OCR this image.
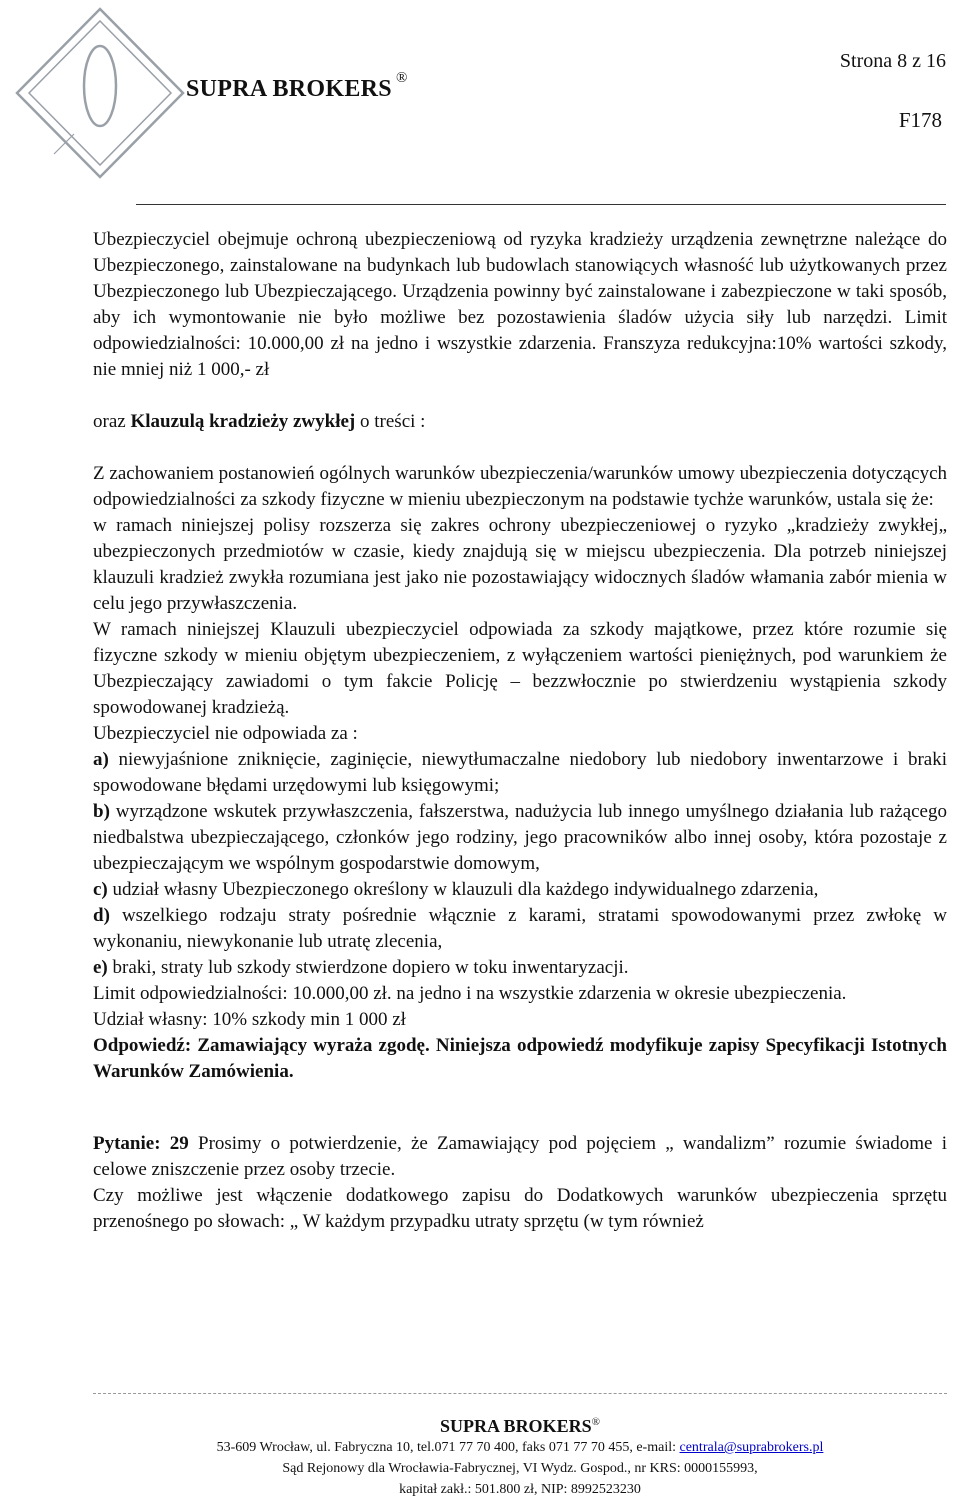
SUPRA BROKERS ®
Strona 8 z 16
F178

Ubezpieczyciel obejmuje ochroną ubezpieczeniową od ryzyka kradzieży urządzenia zewnętrzne należące do Ubezpieczonego, zainstalowane na budynkach lub budowlach stanowiących własność lub użytkowanych przez Ubezpieczonego lub Ubezpieczającego. Urządzenia powinny być zainstalowane i zabezpieczone w taki sposób, aby ich wymontowanie nie było możliwe bez pozostawienia śladów użycia siły lub narzędzi. Limit odpowiedzialności: 10.000,00 zł na jedno i wszystkie zdarzenia. Franszyza redukcyjna:10% wartości szkody, nie mniej niż 1 000,- zł

oraz Klauzulą kradzieży zwykłej o treści :

Z zachowaniem postanowień ogólnych warunków ubezpieczenia/warunków umowy ubezpieczenia dotyczących odpowiedzialności za szkody fizyczne w mieniu ubezpieczonym na podstawie tychże warunków, ustala się że:

w ramach niniejszej polisy rozszerza się zakres ochrony ubezpieczeniowej o ryzyko „kradzieży zwykłej„ ubezpieczonych przedmiotów w czasie, kiedy znajdują się w miejscu ubezpieczenia. Dla potrzeb niniejszej klauzuli kradzież zwykła rozumiana jest jako nie pozostawiający widocznych śladów włamania zabór mienia w celu jego przywłaszczenia.

W ramach niniejszej Klauzuli ubezpieczyciel odpowiada za szkody majątkowe, przez które rozumie się fizyczne szkody w mieniu objętym ubezpieczeniem, z wyłączeniem wartości pieniężnych, pod warunkiem że Ubezpieczający zawiadomi o tym fakcie Policję – bezzwłocznie po stwierdzeniu wystąpienia szkody spowodowanej kradzieżą.

Ubezpieczyciel nie odpowiada za :

a) niewyjaśnione zniknięcie, zaginięcie, niewytłumaczalne niedobory lub niedobory inwentarzowe i braki spowodowane błędami urzędowymi lub księgowymi;

b) wyrządzone wskutek przywłaszczenia, fałszerstwa, nadużycia lub innego umyślnego działania lub rażącego niedbalstwa ubezpieczającego, członków jego rodziny, jego pracowników albo innej osoby, która pozostaje z ubezpieczającym we wspólnym gospodarstwie domowym,

c) udział własny Ubezpieczonego określony w klauzuli dla każdego indywidualnego zdarzenia,

d) wszelkiego rodzaju straty pośrednie włącznie z karami, stratami spowodowanymi przez zwłokę w wykonaniu, niewykonanie lub utratę zlecenia,

e) braki, straty lub szkody stwierdzone dopiero w toku inwentaryzacji.

Limit odpowiedzialności: 10.000,00 zł. na jedno i na wszystkie zdarzenia w okresie ubezpieczenia.

Udział własny: 10% szkody min 1 000 zł

Odpowiedź: Zamawiający wyraża zgodę. Niniejsza odpowiedź modyfikuje zapisy Specyfikacji Istotnych Warunków Zamówienia.

Pytanie: 29 Prosimy o potwierdzenie, że Zamawiający pod pojęciem „ wandalizm” rozumie świadome i celowe zniszczenie przez osoby trzecie.

Czy możliwe jest włączenie dodatkowego zapisu do Dodatkowych warunków ubezpieczenia sprzętu przenośnego po słowach: „ W każdym przypadku utraty sprzętu (w tym również

SUPRA BROKERS®
53-609 Wrocław, ul. Fabryczna 10, tel.071 77 70 400, faks 071 77 70 455, e-mail: centrala@suprabrokers.pl
Sąd Rejonowy dla Wrocławia-Fabrycznej, VI Wydz. Gospod., nr KRS: 0000155993,
kapitał zakł.: 501.800 zł, NIP: 8992523230
